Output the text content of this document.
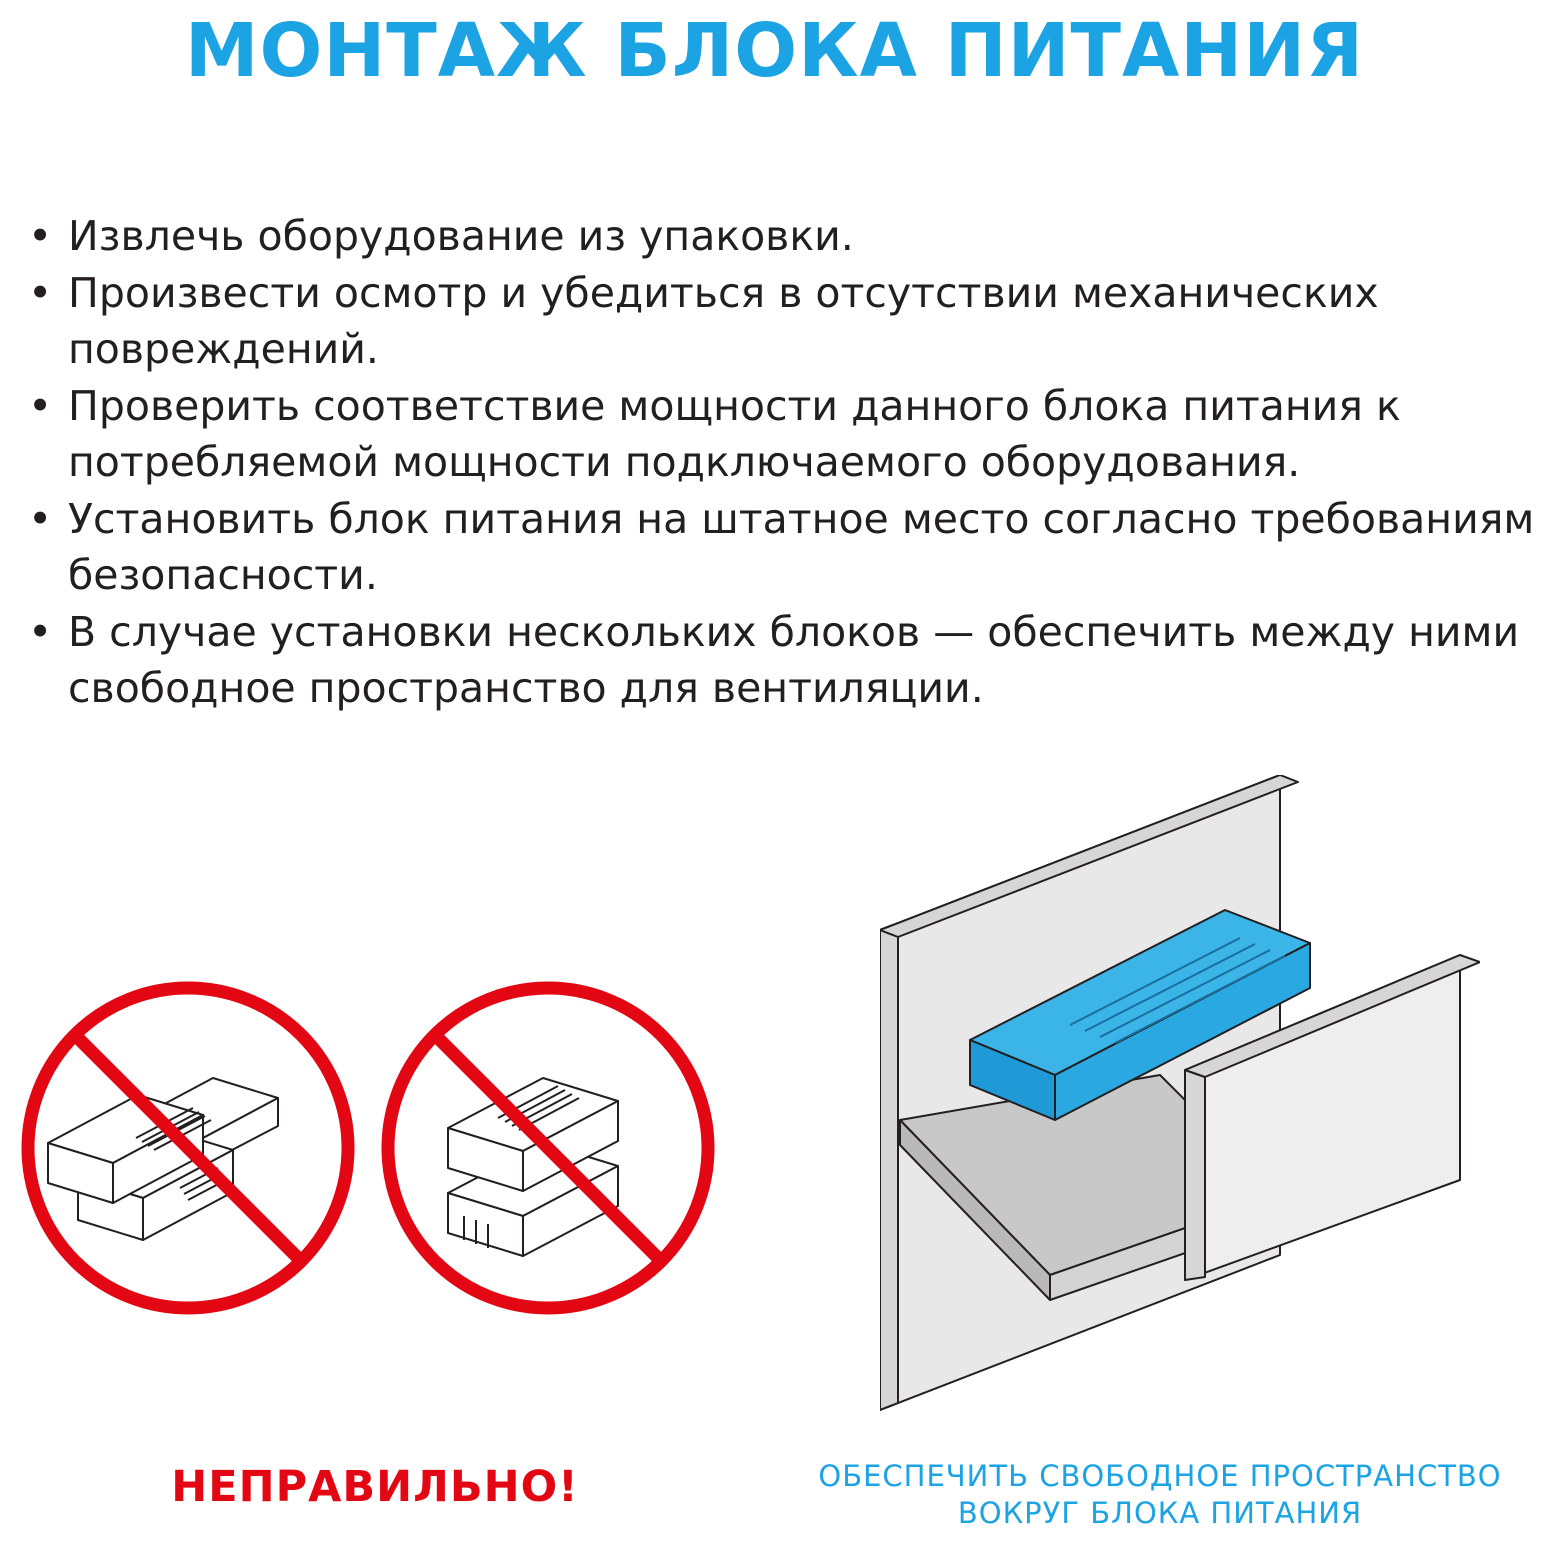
МОНТАЖ БЛОКА ПИТАНИЯ
• Извлечь оборудование из упаковки.
• Произвести осмотр и убедиться в отсутствии механических повреждений.
• Проверить соответствие мощности данного блока питания к потребляемой мощности подключаемого оборудования.
• Установить блок питания на штатное место согласно требованиям безопасности.
• В случае установки нескольких блоков — обеспечить между ними свободное пространство для вентиляции.
НЕПРАВИЛЬНО!	ОБЕСПЕЧИТЬ СВОБОДНОЕ ПРОСТРАНСТВО
ВОКРУГ БЛОКА ПИТАНИЯ
